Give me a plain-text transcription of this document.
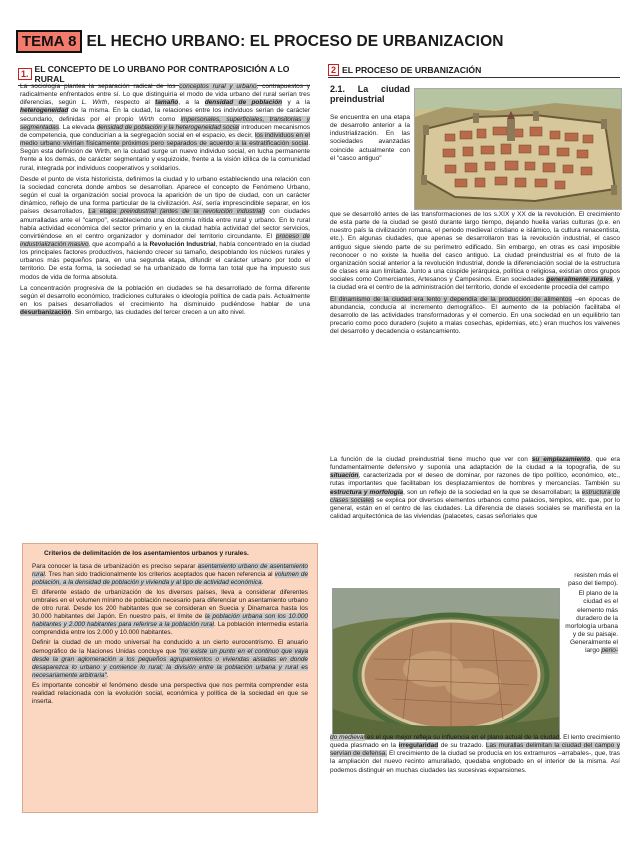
TEMA 8 EL HECHO URBANO: EL PROCESO DE URBANIZACION
1. EL CONCEPTO DE LO URBANO POR CONTRAPOSICIÓN A LO RURAL

La sociología plantea la separación radical de los conceptos rural y urbano, contrapuestos y radicalmente enfrentados entre sí. Lo que distinguiría el modo de vida urbano del rural serían tres diferencias, según L. Wirth, respecto al tamaño, a la densidad de población y a la heterogeneidad de la misma. En la ciudad, la relaciones entre los individuos serían de carácter secundario, definidas por el propio Wirth como impersonales, superficiales, transitorias y segmentadas. La elevada densidad de población y la heterogeneidad social introducen mecanismos de competencia, que conducirían a la segregación social en el espacio, es decir, los individuos en el medio urbano vivirían físicamente próximos pero separados de acuerdo a la estratificación social. Según esta definición de Wirth, en la ciudad surge un nuevo individuo social, en lucha permanente frente a los demás, de carácter segmentario y esquizoide, frente a la visión idílica de la comunidad rural, integrada por individuos cooperativos y solidarios.

Desde el punto de vista historicista, definimos la ciudad y lo urbano estableciendo una relación con la sociedad concreta donde ambos se desarrollan. Aparece el concepto de Fenómeno Urbano, según el cual la organización social provoca la aparición de un tipo de ciudad, con un carácter dinámico, reflejo de una forma particular de la civilización. Así, sería imprescindible separar, en los países desarrollados, La etapa preindustrial (antes de la revolución industrial) con ciudades amurralladas ante el "campo", estableciendo una dicotomía nítida entre rural y urbano. En lo rural había actividad económica del sector primario y en la ciudad había actividad del sector servicios, convirtiéndose en el centro organizador y dominador del territorio circundante. El proceso de industrialización masivo, que acompañó a la Revolución Industrial, había concentrado en la ciudad los principales factores productivos, haciendo crecer su tamaño, despoblando los núcleos rurales y urbanos más pequeños para, en una segunda etapa, difundir el carácter urbano por todo el territorio. De esta forma, la sociedad se ha urbanizado de forma tan total que ha impuesto sus modos de vida de forma absoluta.

La concentración progresiva de la población en ciudades se ha desarrollado de forma diferente según el desarrollo económico, tradiciones culturales o ideología política de cada país. Actualmente en los países desarrollados el crecimiento ha disminuido pudiéndose hablar de una desurbanización. Sin embargo, las ciudades del tercer crecen a un alto nivel.

Criterios de delimitación de los asentamientos urbanos y rurales.

Para conocer la tasa de urbanización es preciso separar asentamiento urbano de asentamiento rural. Tres han sido tradicionalmente los criterios aceptados que hacen referencia al volumen de población, a la densidad de población y vivienda y al tipo de actividad económica.

El diferente estado de urbanización de los diversos países, lleva a considerar diferentes umbrales en el volumen mínimo de población necesario para diferenciar un asentamiento urbano de otro rural. Desde los 200 habitantes que se consideran en Suecia y Dinamarca hasta los 30.000 habitantes del Japón. En nuestro país, el límite de la población urbana son los 10.000 habitantes y 2.000 habitantes para referirse a la población rural. La población intermedia estaría comprendida entre los 2.000 y 10.000 habitantes.

Definir la ciudad de un modo universal ha conducido a un cierto eurocentrismo. El anuario demográfico de la Naciones Unidas concluye que "no existe un punto en el continuo que vaya desde la gran aglomeración a los pequeños agrupamientos o viviendas aisladas en donde desaparezca lo urbano y comience lo rural; la división entre la población urbana y rural es necesariamente arbitraria".

Es importante concebir el fenómeno desde una perspectiva que nos permita comprender esta realidad relacionada con la evolución social, económica y política de la sociedad en que se inserta.

2 EL PROCESO DE URBANIZACIÓN
2.1. La ciudad preindustrial
Se encuentra en una etapa de desarrollo anterior a la industrialización. En las sociedades avanzadas coincide actualmente con el "casco antiguo"

que se desarrolló antes de las transformaciones de los s.XIX y XX de la revolución. El crecimiento de esta parte de la ciudad se gestó durante largo tiempo, dejando huella varias culturas (p.e. en nuestro país la civilización romana, el periodo medieval cristiano e islámico, la cultura renacentista, etc.). En algunas ciudades, que apenas se desarrollaron tras la revolución industrial, el casco antiguo sigue siendo parte de su perímetro edificado. Sin embargo, en otras es casi imposible reconocer o no existe la huella del casco antiguo. La ciudad preindustrial es el fruto de la organización social anterior a la revolución Industrial, donde la diferenciación social de la estructura de clases era aun limitada. Junto a una cúspide jerárquica, política o religiosa, existían otros grupos sociales como Comerciantes, Artesanos y Campesinos. Eran sociedades generalmente rurales, y la ciudad era el centro de la administración del territorio, donde el excedente procedía del campo

El dinamismo de la ciudad era lento y dependía de la producción de alimentos –en épocas de abundancia, conducía al incremento demográfico-. El aumento de la población facilitaba el desarrollo de las actividades transformadoras y el comercio. En una sociedad en un equilibrio tan precario como poco duradero (sujeto a malas cosechas, epidemias, etc.) eran muchos los vaivenes del desarrollo y decadencia o estancamiento.

La función de la ciudad preindustrial tiene mucho que ver con su emplazamiento, que era fundamentalmente defensivo y suponía una adaptación de la ciudad a la topografía, de su situación, caracterizada por el deseo de dominar, por razones de tipo político, económico, etc., rutas importantes que facilitaban los desplazamientos de hombres y mercancías. También su estructura y morfología, son un reflejo de la sociedad en la que se desarrollaban; la estructura de clases sociales se explica por diversos elementos urbanos como palacios, templos, etc. que, por lo general, están en el centro de las ciudades. La diferencia de clases sociales se manifiesta en la calidad arquitectónica de las viviendas (palacetes, casas señoriales que

resisten más el paso del tiempo).
El plano de la ciudad es el elemento más duradero de la morfología urbana y de su paisaje. Generalmente el largo perio-

do medieval es el que mejor refleja su influencia en el plano actual de la ciudad. El lento crecimiento queda plasmado en la irregularidad de su trazado. Las murallas delimitan la ciudad del campo y servían de defensa. El crecimiento de la ciudad se producía en los extramuros –arrabales-, que, tras la ampliación del nuevo recinto amurallado, quedaba englobado en el interior de la misma. Así podemos distinguir en muchas ciudades las sucesivas expansiones.
